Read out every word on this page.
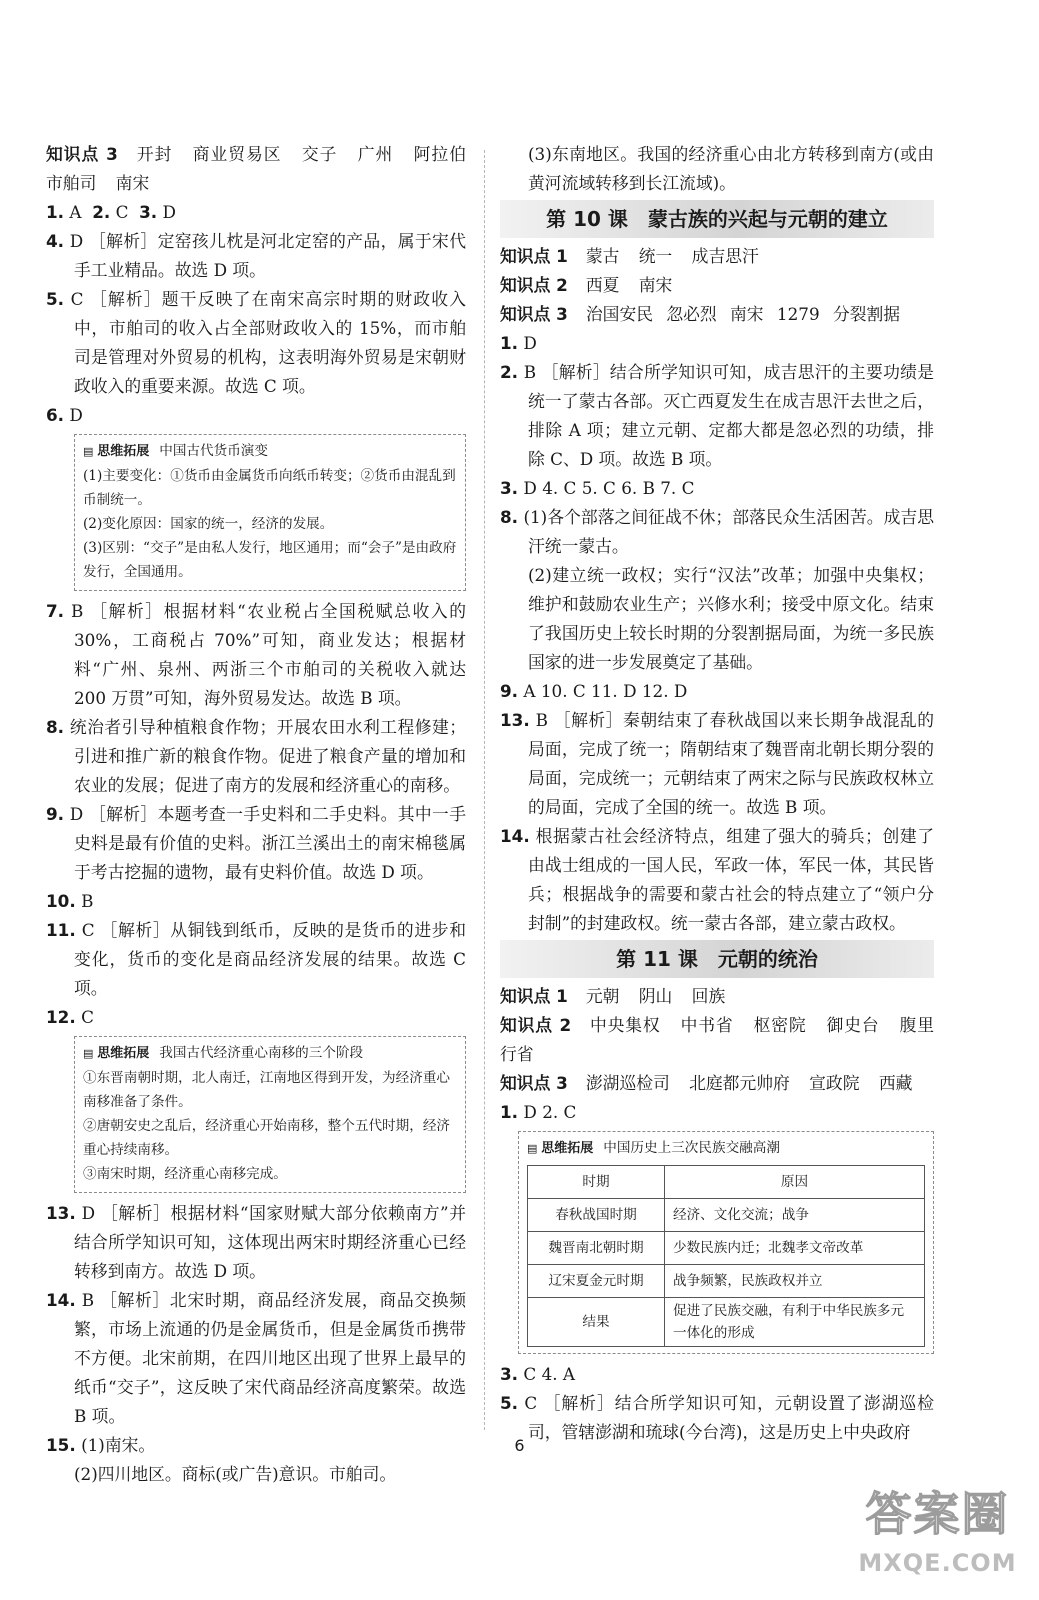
知识点 3 开封 商业贸易区 交子 广州 阿拉伯 市舶司 南宋

1. A 2. C 3. D

4. D ［解析］定窑孩儿枕是河北定窑的产品，属于宋代手工业精品。故选 D 项。

5. C ［解析］题干反映了在南宋高宗时期的财政收入中，市舶司的收入占全部财政收入的 15%，而市舶司是管理对外贸易的机构，这表明海外贸易是宋朝财政收入的重要来源。故选 C 项。

6. D

▤ 思维拓展 中国古代货币演变
(1)主要变化：①货币由金属货币向纸币转变；②货币由混乱到币制统一。
(2)变化原因：国家的统一，经济的发展。
(3)区别：“交子”是由私人发行，地区通用；而“会子”是由政府发行，全国通用。

7. B ［解析］根据材料“农业税占全国税赋总收入的 30%，工商税占 70%”可知，商业发达；根据材料“广州、泉州、两浙三个市舶司的关税收入就达 200 万贯”可知，海外贸易发达。故选 B 项。

8. 统治者引导种植粮食作物；开展农田水利工程修建；引进和推广新的粮食作物。促进了粮食产量的增加和农业的发展；促进了南方的发展和经济重心的南移。

9. D ［解析］本题考查一手史料和二手史料。其中一手史料是最有价值的史料。浙江兰溪出土的南宋棉毯属于考古挖掘的遗物，最有史料价值。故选 D 项。

10. B

11. C ［解析］从铜钱到纸币，反映的是货币的进步和变化，货币的变化是商品经济发展的结果。故选 C 项。

12. C

▤ 思维拓展 我国古代经济重心南移的三个阶段
①东晋南朝时期，北人南迁，江南地区得到开发，为经济重心南移准备了条件。
②唐朝安史之乱后，经济重心开始南移，整个五代时期，经济重心持续南移。
③南宋时期，经济重心南移完成。

13. D ［解析］根据材料“国家财赋大部分依赖南方”并结合所学知识可知，这体现出两宋时期经济重心已经转移到南方。故选 D 项。

14. B ［解析］北宋时期，商品经济发展，商品交换频繁，市场上流通的仍是金属货币，但是金属货币携带不方便。北宋前期，在四川地区出现了世界上最早的纸币“交子”，这反映了宋代商品经济高度繁荣。故选 B 项。

15. (1)南宋。

(2)四川地区。商标(或广告)意识。市舶司。

(3)东南地区。我国的经济重心由北方转移到南方(或由黄河流域转移到长江流域)。

第 10 课 蒙古族的兴起与元朝的建立

知识点 1 蒙古 统一 成吉思汗

知识点 2 西夏 南宋

知识点 3 治国安民 忽必烈 南宋 1279 分裂割据

1. D

2. B ［解析］结合所学知识可知，成吉思汗的主要功绩是统一了蒙古各部。灭亡西夏发生在成吉思汗去世之后，排除 A 项；建立元朝、定都大都是忽必烈的功绩，排除 C、D 项。故选 B 项。

3. D 4. C 5. C 6. B 7. C

8. (1)各个部落之间征战不休；部落民众生活困苦。成吉思汗统一蒙古。

(2)建立统一政权；实行“汉法”改革；加强中央集权；维护和鼓励农业生产；兴修水利；接受中原文化。结束了我国历史上较长时期的分裂割据局面，为统一多民族国家的进一步发展奠定了基础。

9. A 10. C 11. D 12. D

13. B ［解析］秦朝结束了春秋战国以来长期争战混乱的局面，完成了统一；隋朝结束了魏晋南北朝长期分裂的局面，完成统一；元朝结束了两宋之际与民族政权林立的局面，完成了全国的统一。故选 B 项。

14. 根据蒙古社会经济特点，组建了强大的骑兵；创建了由战士组成的一国人民，军政一体，军民一体，其民皆兵；根据战争的需要和蒙古社会的特点建立了“领户分封制”的封建政权。统一蒙古各部，建立蒙古政权。

第 11 课 元朝的统治

知识点 1 元朝 阴山 回族

知识点 2 中央集权 中书省 枢密院 御史台 腹里 行省

知识点 3 澎湖巡检司 北庭都元帅府 宣政院 西藏

1. D 2. C

▤ 思维拓展 中国历史上三次民族交融高潮
时期	原因
春秋战国时期	经济、文化交流；战争
魏晋南北朝时期	少数民族内迁；北魏孝文帝改革
辽宋夏金元时期	战争频繁，民族政权并立
结果	促进了民族交融，有利于中华民族多元一体化的形成

3. C 4. A

5. C ［解析］结合所学知识可知，元朝设置了澎湖巡检司，管辖澎湖和琉球(今台湾)，这是历史上中央政府

6
答案圈
MXQE.COM
